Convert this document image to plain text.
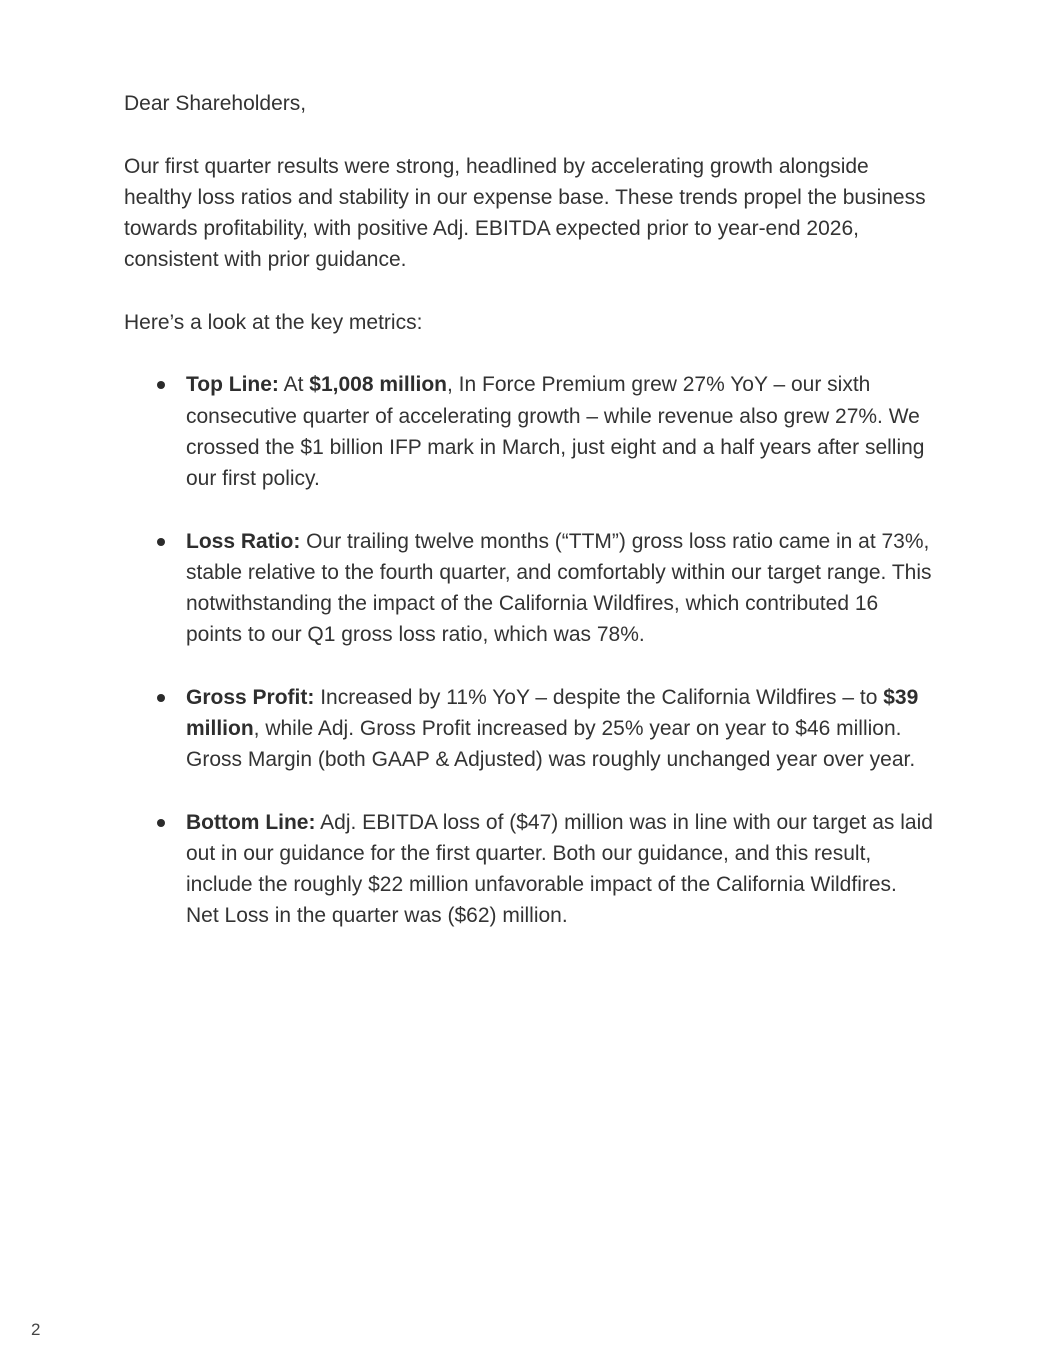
Dear Shareholders,

Our first quarter results were strong, headlined by accelerating growth alongside healthy loss ratios and stability in our expense base. These trends propel the business towards profitability, with positive Adj. EBITDA expected prior to year-end 2026, consistent with prior guidance.

Here’s a look at the key metrics:

Top Line: At $1,008 million, In Force Premium grew 27% YoY – our sixth consecutive quarter of accelerating growth – while revenue also grew 27%. We crossed the $1 billion IFP mark in March, just eight and a half years after selling our first policy.
Loss Ratio: Our trailing twelve months (“TTM”) gross loss ratio came in at 73%, stable relative to the fourth quarter, and comfortably within our target range. This notwithstanding the impact of the California Wildfires, which contributed 16 points to our Q1 gross loss ratio, which was 78%.
Gross Profit: Increased by 11% YoY – despite the California Wildfires – to $39 million, while Adj. Gross Profit increased by 25% year on year to $46 million. Gross Margin (both GAAP & Adjusted) was roughly unchanged year over year.
Bottom Line: Adj. EBITDA loss of ($47) million was in line with our target as laid out in our guidance for the first quarter. Both our guidance, and this result, include the roughly $22 million unfavorable impact of the California Wildfires. Net Loss in the quarter was ($62) million.
2
